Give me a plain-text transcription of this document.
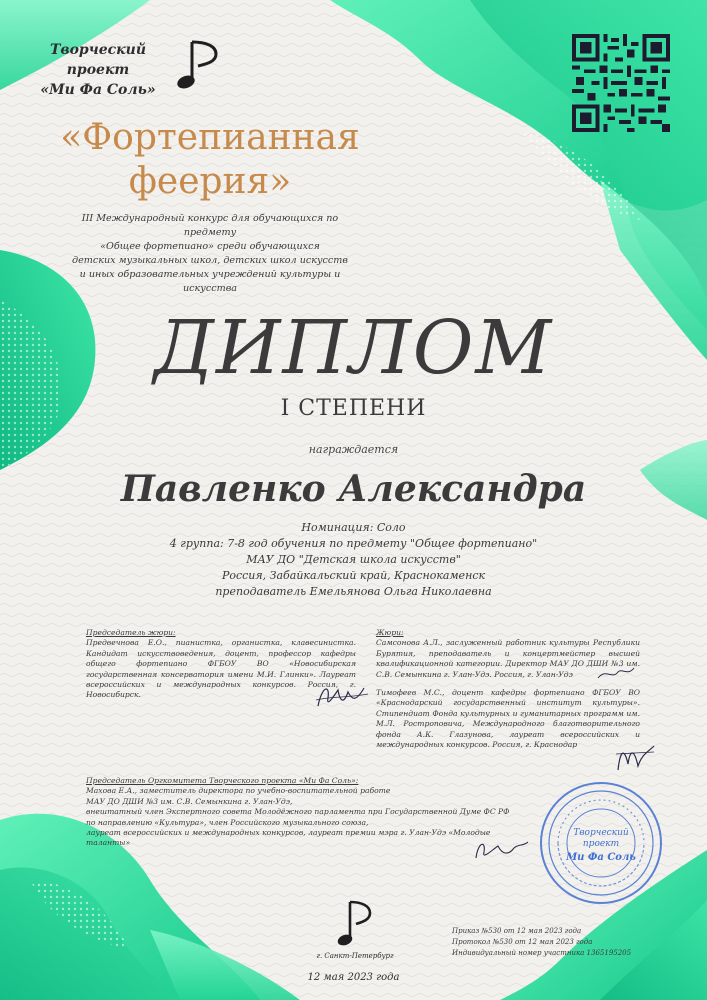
Творческий проект
«Ми Фа Соль»
«Фортепианная феерия»
III Международный конкурс для обучающихся по предмету
«Общее фортепиано» среди обучающихся
детских музыкальных школ, детских школ искусств
и иных образовательных учреждений культуры и искусства
ДИПЛОМ
I СТЕПЕНИ
награждается
Павленко Александра
Номинация: Соло
4 группа: 7-8 год обучения по предмету "Общее фортепиано"
МАУ ДО "Детская школа искусств"
Россия, Забайкальский край, Краснокаменск
преподаватель Емельянова Ольга Николаевна
Председатель жюри:
Предвечнова Е.О., пианистка, органистка, клавесинистка. Кандидат искусствоведения, доцент, профессор кафедры общего фортепиано ФГБОУ ВО «Новосибирская государственная консерватория имени М.И. Глинки». Лауреат всероссийских и международных конкурсов. Россия, г. Новосибирск.
Жюри:
Самсонова А.Л., заслуженный работник культуры Республики Бурятия, преподаватель и концертмейстер высшей квалификационной категории. Директор МАУ ДО ДШИ №3 им. С.В. Семынкина г. Улан-Удэ. Россия, г. Улан-Удэ
Тимофеев М.С., доцент кафедры фортепиано ФГБОУ ВО «Краснодарский государственный институт культуры». Стипендиат Фонда культурных и гуманитарных программ им. М.Л. Ростроповича, Международного благотворительного фонда А.К. Глазунова, лауреат всероссийских и международных конкурсов. Россия, г. Краснодар
Председатель Оргкомитета Творческого проекта «Ми Фа Соль»:
Махова Е.А., заместитель директора по учебно-воспитательной работе
МАУ ДО ДШИ №3 им. С.В. Семынкина г. Улан-Удэ,
внештатный член Экспертного совета Молодёжного парламента при Государственной Думе ФС РФ
по направлению «Культура», член Российского музыкального союза,
лауреат всероссийских и международных конкурсов, лауреат премии мэра г. Улан-Удэ «Молодые таланты»
Творческий
проект
Ми Фа Соль
г. Санкт-Петербург
12 мая 2023 года
Приказ №530 от 12 мая 2023 года
Протокол №530 от 12 мая 2023 года
Индивидуальный номер участника 1365195205
